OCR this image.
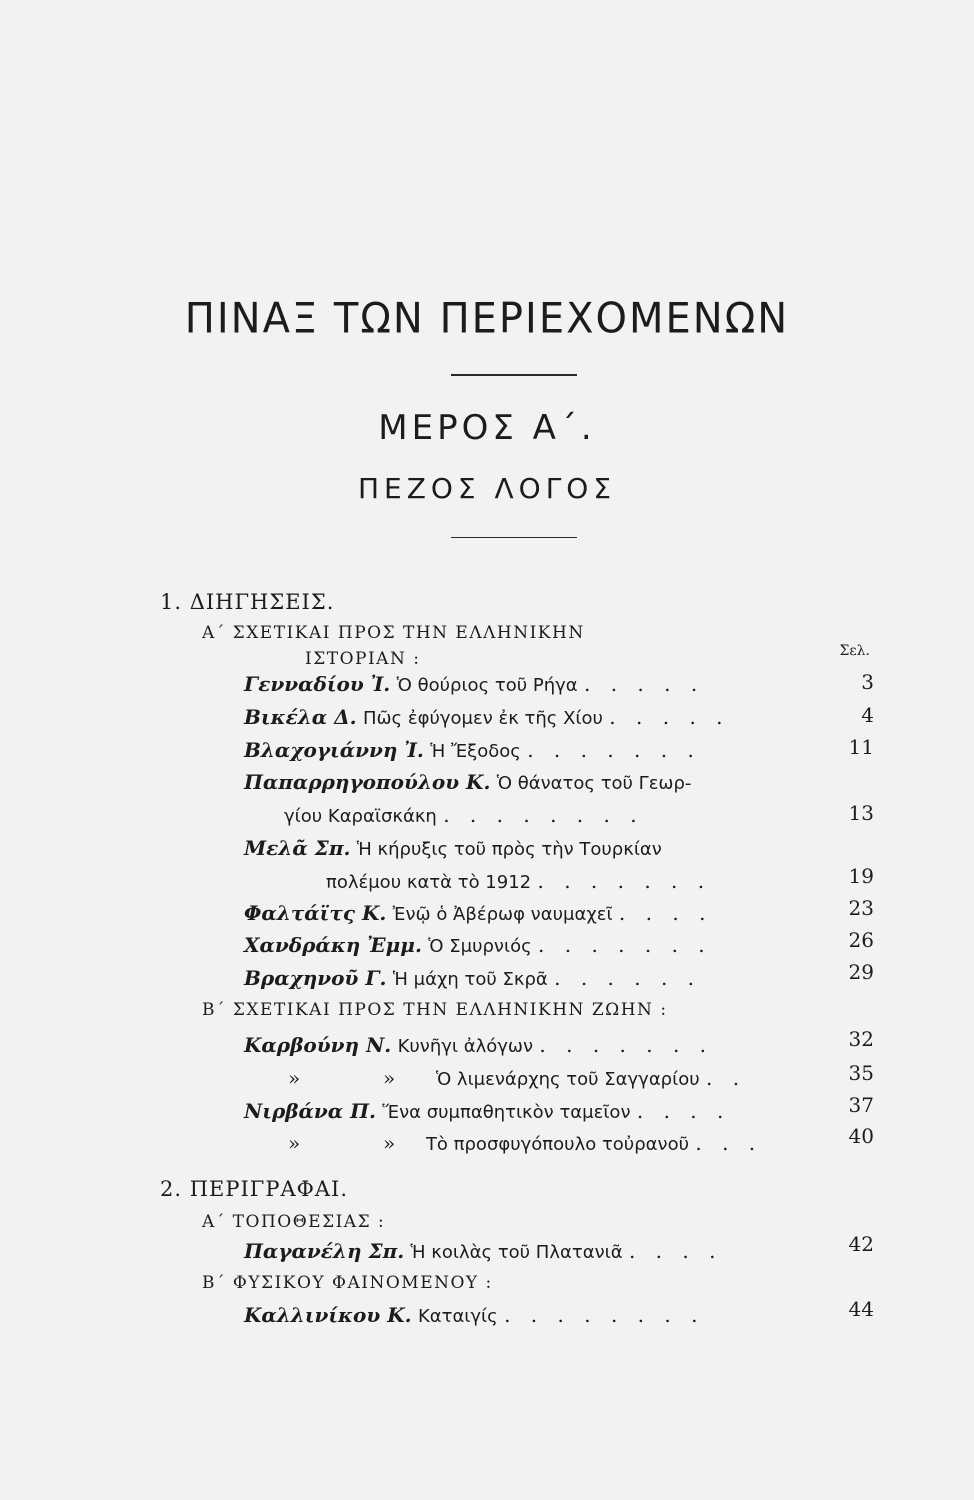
ΠΙΝΑΞ ΤΩΝ ΠΕΡΙΕΧΟΜΕΝΩΝ
ΜΕΡΟΣ Α΄.
ΠΕΖΟΣ ΛΟΓΟΣ
1. ΔΙΗΓΗΣΕΙΣ.
Α΄ ΣΧΕΤΙΚΑΙ ΠΡΟΣ ΤΗΝ ΕΛΛΗΝΙΚΗΝ
ΙΣΤΟΡΙΑΝ :	Σελ.
Γενναδίου Ἰ. Ὁ θούριος τοῦ Ρήγα . . . . .	3
Βικέλα Δ. Πῶς ἐφύγομεν ἐκ τῆς Χίου . . . . .	4
Βλαχογιάννη Ἰ. Ἡ Ἔξοδος . . . . . . .	11
Παπαρρηγοπούλου Κ. Ὁ θάνατος τοῦ Γεωρ-
γίου Καραϊσκάκη . . . . . . . .	13
Μελᾶ Σπ. Ἡ κήρυξις τοῦ πρὸς τὴν Τουρκίαν
πολέμου κατὰ τὸ 1912 . . . . . . .	19
Φαλτάϊτς Κ. Ἐνῷ ὁ Ἀβέρωφ ναυμαχεῖ . . . .	23
Χανδράκη Ἐμμ. Ὁ Σμυρνιός . . . . . . .	26
Βραχηνοῦ Γ. Ἡ μάχη τοῦ Σκρᾶ . . . . . .	29
Β΄ ΣΧΕΤΙΚΑΙ ΠΡΟΣ ΤΗΝ ΕΛΛΗΝΙΚΗΝ ΖΩΗΝ :
Καρβούνη Ν. Κυνῆγι ἀλόγων . . . . . . .	32
»	» Ὁ λιμενάρχης τοῦ Σαγγαρίου . .	35
Νιρβάνα Π. Ἕνα συμπαθητικὸν ταμεῖον . . . .	37
»	» Τὸ προσφυγόπουλο τοὐρανοῦ . . .	40
2. ΠΕΡΙΓΡΑΦΑΙ.
Α΄ ΤΟΠΟΘΕΣΙΑΣ :
Παγανέλη Σπ. Ἡ κοιλὰς τοῦ Πλατανιᾶ . . . .	42
Β΄ ΦΥΣΙΚΟΥ ΦΑΙΝΟΜΕΝΟΥ :
Καλλινίκου Κ. Καταιγίς . . . . . . . .	44
